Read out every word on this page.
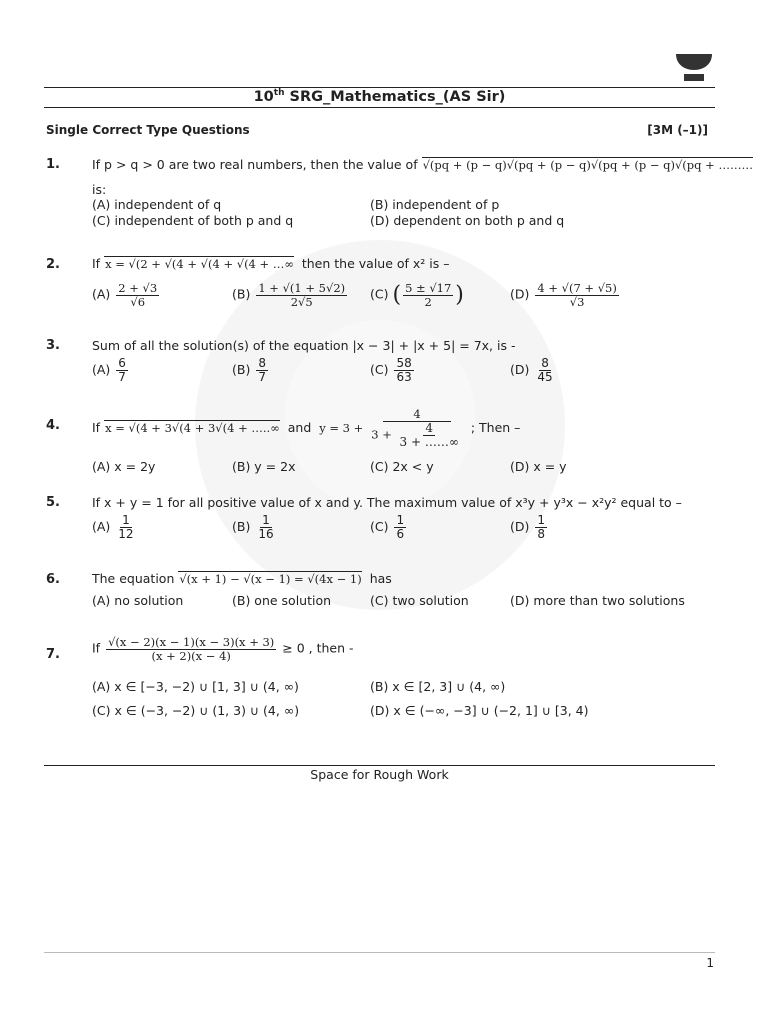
10th SRG_Mathematics_(AS Sir)
Single Correct Type Questions	[3M (–1)]
1.	If p > q > 0 are two real numbers, then the value of √(pq + (p − q)√(pq + (p − q)√(pq + (p − q)√(pq + ………
is:
(A) independent of q	(B) independent of p
(C) independent of both p and q	(D) dependent on both p and q
2.	If x = √(2 + √(4 + √(4 + √(4 + …∞ then the value of x² is –
$(A) \frac{2 + √3}{√6}$	$(B) \frac{1 + √(1 + 5√2)}{2√5} (C)$ ( $\frac{5 \pm √17}{2}$ )	$(D) \frac{4 + √(7 + √5)}{√3}$
3.	Sum of all the solution(s) of the equation |x − 3| + |x + 5| = 7x, is -
$(A) \frac{6}{7}$	$(B) \frac{8}{7}$	$(C) \frac{58}{63}$	$(D) \frac{8}{45}$
4.	If x = √(4 + 3√(4 + 3√(4 + …..∞ and $y = 3 + \frac{4}{3 + \frac{4}{3 + \dots\dots\infty}}$ ; Then –
(A) x = 2y	(B) y = 2x	(C) 2x < y	(D) x = y
5.	If x + y = 1 for all positive value of x and y. The maximum value of x³y + y³x − x²y² equal to –
$(A) \frac{1}{12}$	$(B) \frac{1}{16}$	$(C) \frac{1}{6}$	$(D) \frac{1}{8}$
6.	The equation √(x + 1) − √(x − 1) = √(4x − 1) has
(A) no solution	(B) one solution	(C) two solution	(D) more than two solutions
7.	If $\frac{√(x - 2)(x - 1)(x - 3)(x + 3)}{(x + 2)(x - 4)} \ge 0$ , then -
(A) x ∈ [−3, −2) ∪ [1, 3] ∪ (4, ∞)	(B) x ∈ [2, 3] ∪ (4, ∞)
(C) x ∈ (−3, −2) ∪ (1, 3) ∪ (4, ∞)	(D) x ∈ (−∞, −3] ∪ (−2, 1] ∪ [3, 4)
Space for Rough Work
1
